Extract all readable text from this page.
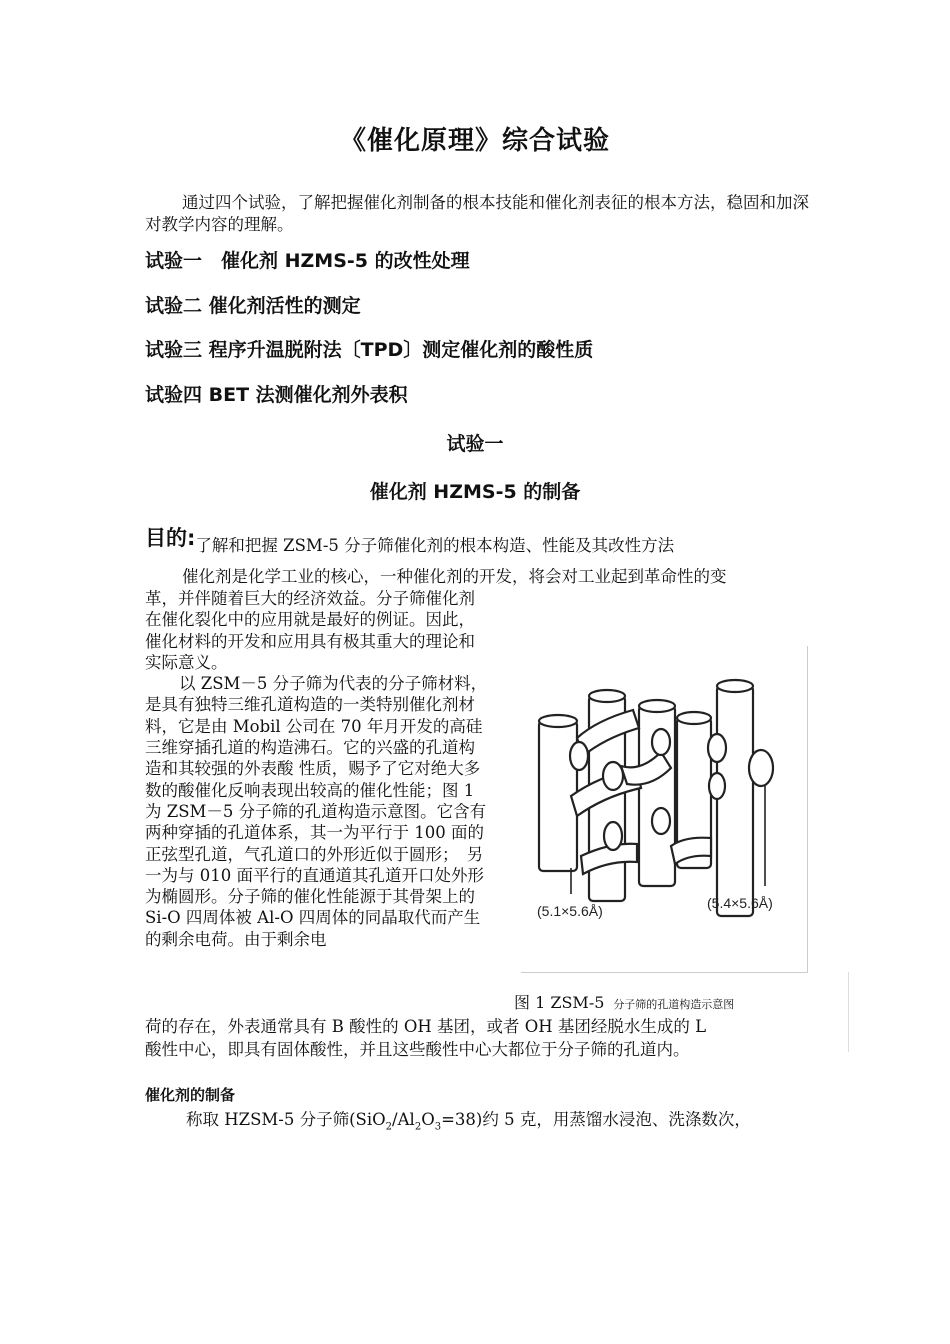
《催化原理》综合试验

通过四个试验，了解把握催化剂制备的根本技能和催化剂表征的根本方法，稳固和加深对教学内容的理解。

试验一　催化剂 HZMS-5 的改性处理
试验二 催化剂活性的测定
试验三 程序升温脱附法〔TPD〕测定催化剂的酸性质
试验四 BET 法测催化剂外表积
试验一
催化剂 HZMS-5 的制备
目的:了解和把握 ZSM-5 分子筛催化剂的根本构造、性能及其改性方法
催化剂是化学工业的核心，一种催化剂的开发，将会对工业起到革命性的变

革，并伴随着巨大的经济效益。分子筛催化剂在催化裂化中的应用就是最好的例证。因此，催化材料的开发和应用具有极其重大的理论和实际意义。

以 ZSM－5 分子筛为代表的分子筛材料，是具有独特三维孔道构造的一类特别催化剂材料，它是由 Mobil 公司在 70 年月开发的高硅三维穿插孔道的构造沸石。它的兴盛的孔道构造和其较强的外表酸 性质，赐予了它对绝大多数的酸催化反响表现出较高的催化性能；图 1 为 ZSM－5 分子筛的孔道构造示意图。它含有两种穿插的孔道体系，其一为平行于 100 面的正弦型孔道，气孔道口的外形近似于圆形；　另一为与 010 面平行的直通道其孔道开口处外形为椭圆形。分子筛的催化性能源于其骨架上的 Si-O 四周体被 Al-O 四周体的同晶取代而产生的剩余电荷。由于剩余电

(5.1×5.6Å)	(5.4×5.6Å)
图 1 ZSM-5 分子筛的孔道构造示意图
荷的存在，外表通常具有 B 酸性的 OH 基团，或者 OH 基团经脱水生成的 L
酸性中心，即具有固体酸性，并且这些酸性中心大都位于分子筛的孔道内。
催化剂的制备
称取 HZSM-5 分子筛$(SiO_2/Al_2O_3=38)$约 5 克，用蒸馏水浸泡、洗涤数次，
